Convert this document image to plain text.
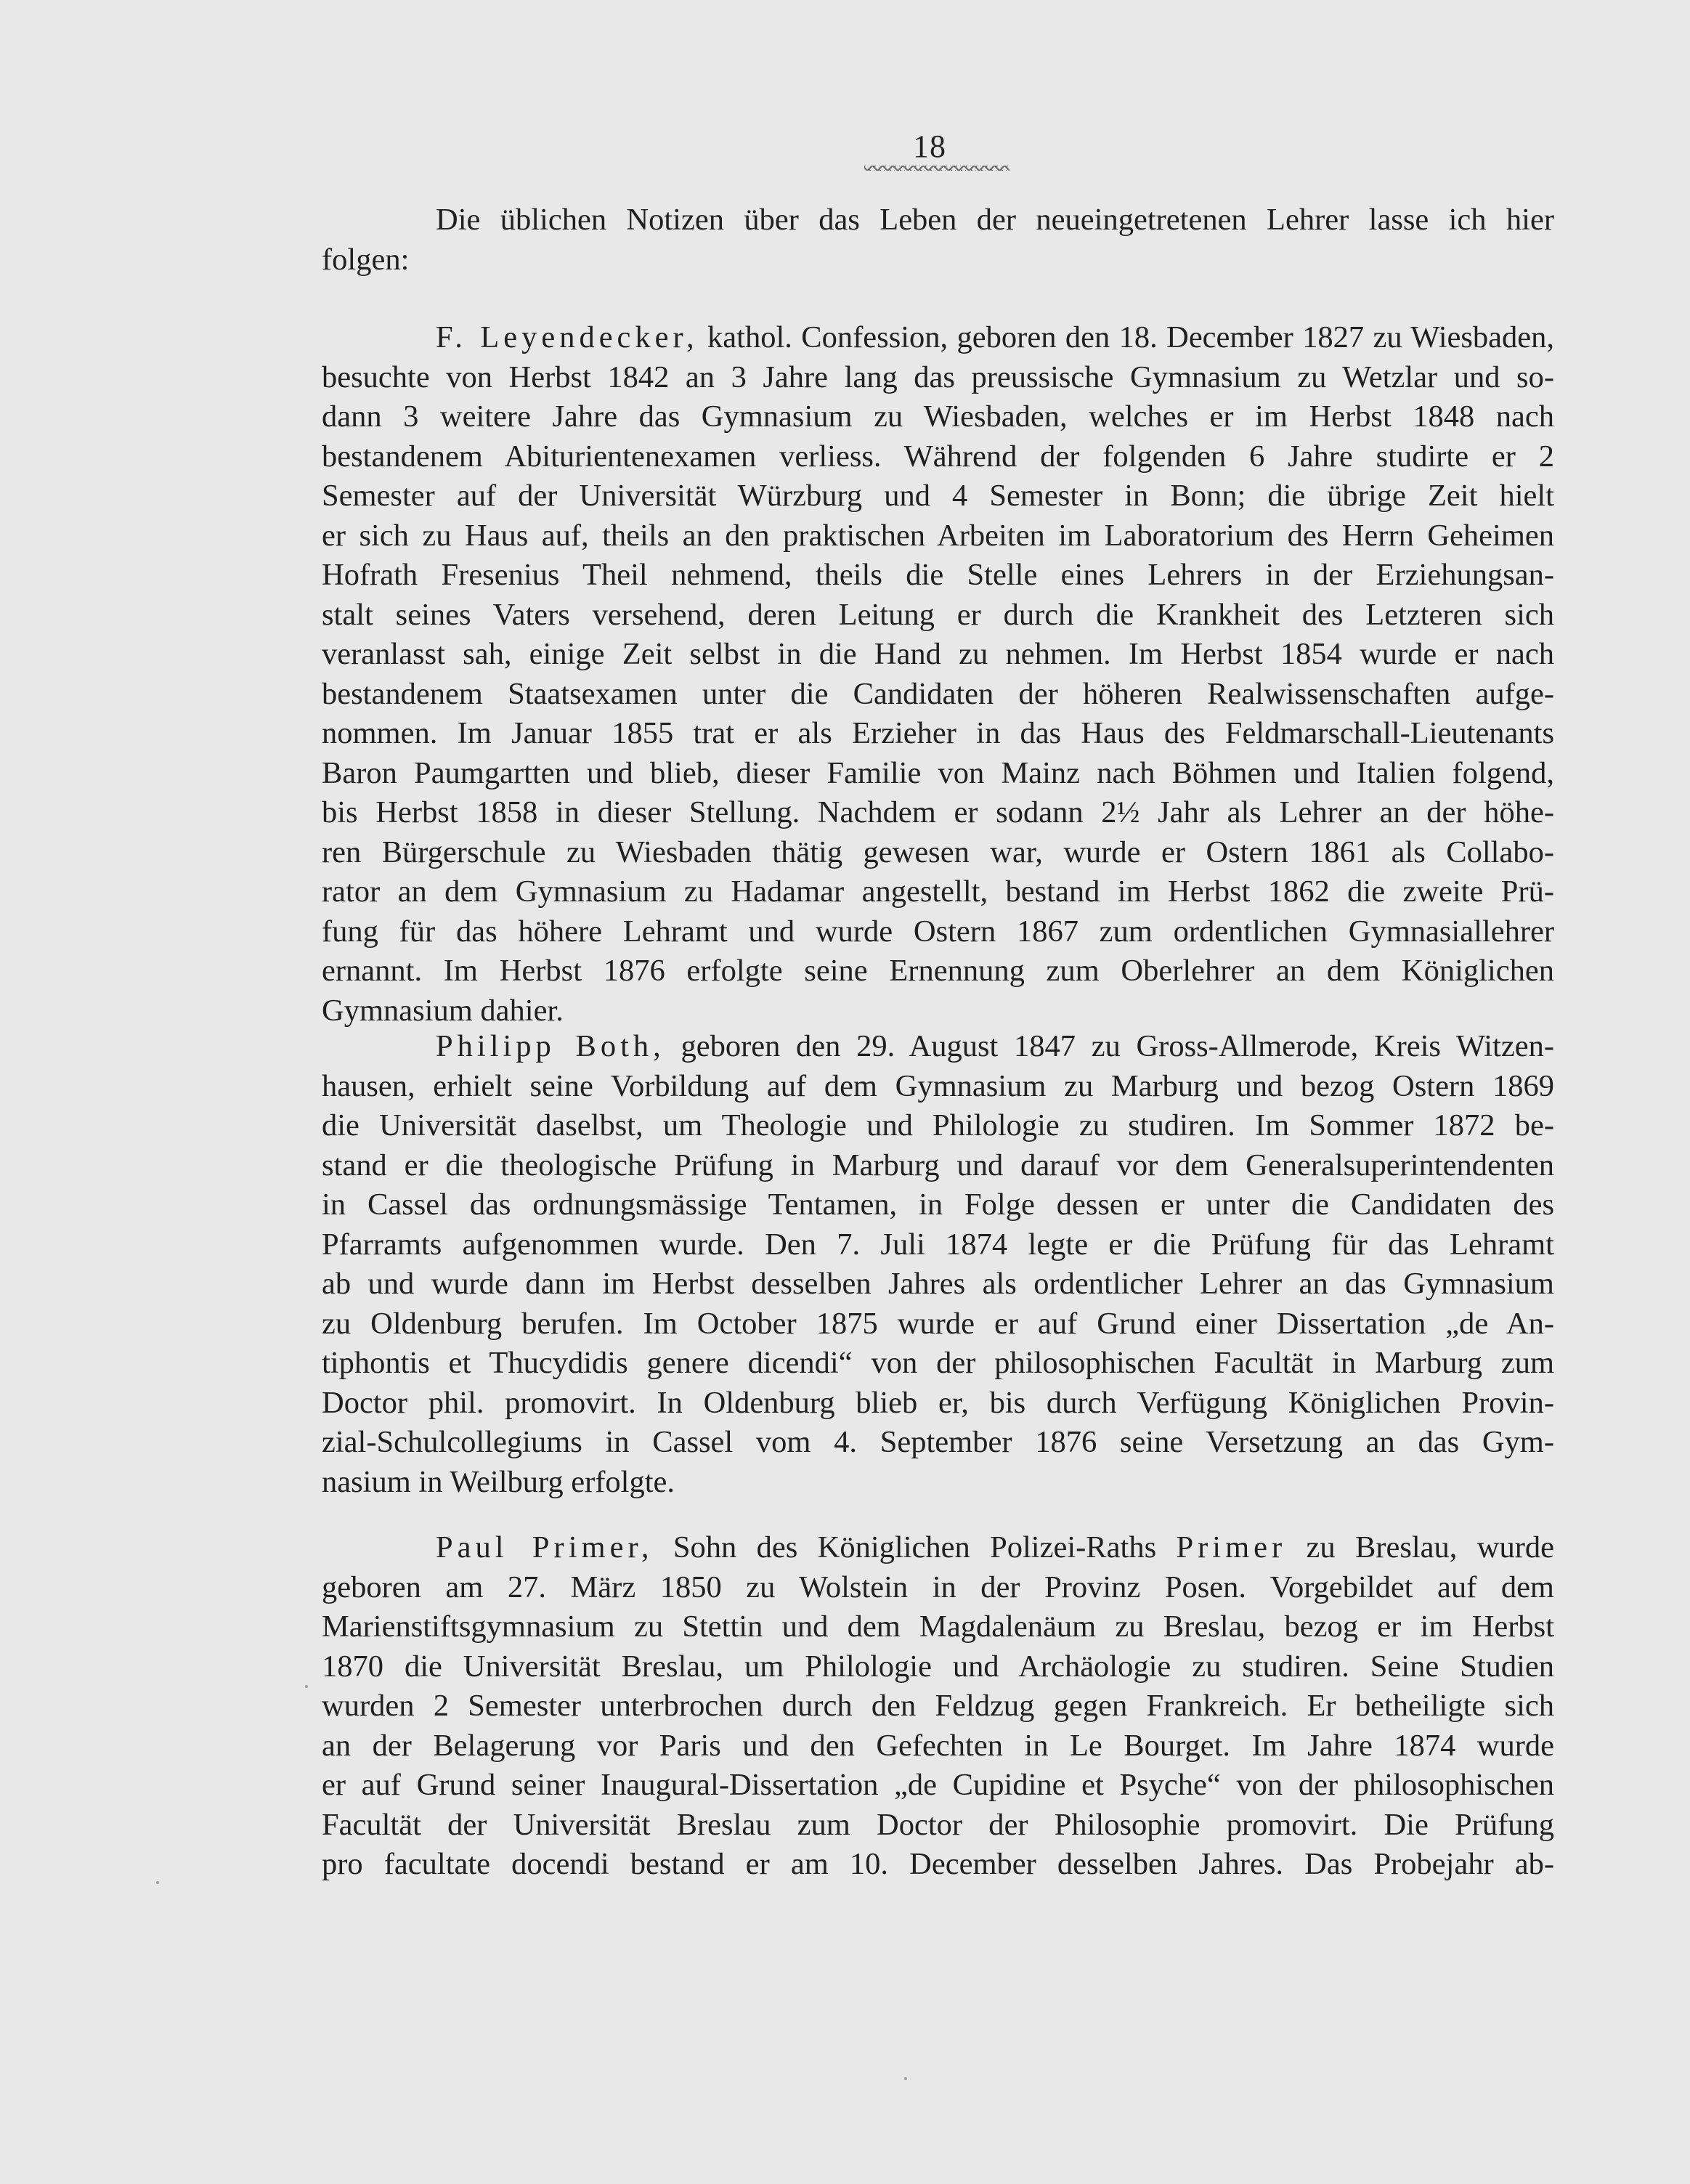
18
Die üblichen Notizen über das Leben der neueingetretenen Lehrer lasse ich hier
folgen:
F. Leyendecker, kathol. Confession, geboren den 18. December 1827 zu Wiesbaden,
besuchte von Herbst 1842 an 3 Jahre lang das preussische Gymnasium zu Wetzlar und so-
dann 3 weitere Jahre das Gymnasium zu Wiesbaden, welches er im Herbst 1848 nach
bestandenem Abiturientenexamen verliess. Während der folgenden 6 Jahre studirte er 2
Semester auf der Universität Würzburg und 4 Semester in Bonn; die übrige Zeit hielt
er sich zu Haus auf, theils an den praktischen Arbeiten im Laboratorium des Herrn Geheimen
Hofrath Fresenius Theil nehmend, theils die Stelle eines Lehrers in der Erziehungsan-
stalt seines Vaters versehend, deren Leitung er durch die Krankheit des Letzteren sich
veranlasst sah, einige Zeit selbst in die Hand zu nehmen. Im Herbst 1854 wurde er nach
bestandenem Staatsexamen unter die Candidaten der höheren Realwissenschaften aufge-
nommen. Im Januar 1855 trat er als Erzieher in das Haus des Feldmarschall-Lieutenants
Baron Paumgartten und blieb, dieser Familie von Mainz nach Böhmen und Italien folgend,
bis Herbst 1858 in dieser Stellung. Nachdem er sodann 2½ Jahr als Lehrer an der höhe-
ren Bürgerschule zu Wiesbaden thätig gewesen war, wurde er Ostern 1861 als Collabo-
rator an dem Gymnasium zu Hadamar angestellt, bestand im Herbst 1862 die zweite Prü-
fung für das höhere Lehramt und wurde Ostern 1867 zum ordentlichen Gymnasiallehrer
ernannt. Im Herbst 1876 erfolgte seine Ernennung zum Oberlehrer an dem Königlichen
Gymnasium dahier.
Philipp Both, geboren den 29. August 1847 zu Gross-Allmerode, Kreis Witzen-
hausen, erhielt seine Vorbildung auf dem Gymnasium zu Marburg und bezog Ostern 1869
die Universität daselbst, um Theologie und Philologie zu studiren. Im Sommer 1872 be-
stand er die theologische Prüfung in Marburg und darauf vor dem Generalsuperintendenten
in Cassel das ordnungsmässige Tentamen, in Folge dessen er unter die Candidaten des
Pfarramts aufgenommen wurde. Den 7. Juli 1874 legte er die Prüfung für das Lehramt
ab und wurde dann im Herbst desselben Jahres als ordentlicher Lehrer an das Gymnasium
zu Oldenburg berufen. Im October 1875 wurde er auf Grund einer Dissertation „de An-
tiphontis et Thucydidis genere dicendi“ von der philosophischen Facultät in Marburg zum
Doctor phil. promovirt. In Oldenburg blieb er, bis durch Verfügung Königlichen Provin-
zial-Schulcollegiums in Cassel vom 4. September 1876 seine Versetzung an das Gym-
nasium in Weilburg erfolgte.
Paul Primer, Sohn des Königlichen Polizei-Raths Primer zu Breslau, wurde
geboren am 27. März 1850 zu Wolstein in der Provinz Posen. Vorgebildet auf dem
Marienstiftsgymnasium zu Stettin und dem Magdalenäum zu Breslau, bezog er im Herbst
1870 die Universität Breslau, um Philologie und Archäologie zu studiren. Seine Studien
wurden 2 Semester unterbrochen durch den Feldzug gegen Frankreich. Er betheiligte sich
an der Belagerung vor Paris und den Gefechten in Le Bourget. Im Jahre 1874 wurde
er auf Grund seiner Inaugural-Dissertation „de Cupidine et Psyche“ von der philosophischen
Facultät der Universität Breslau zum Doctor der Philosophie promovirt. Die Prüfung
pro facultate docendi bestand er am 10. December desselben Jahres. Das Probejahr ab-
